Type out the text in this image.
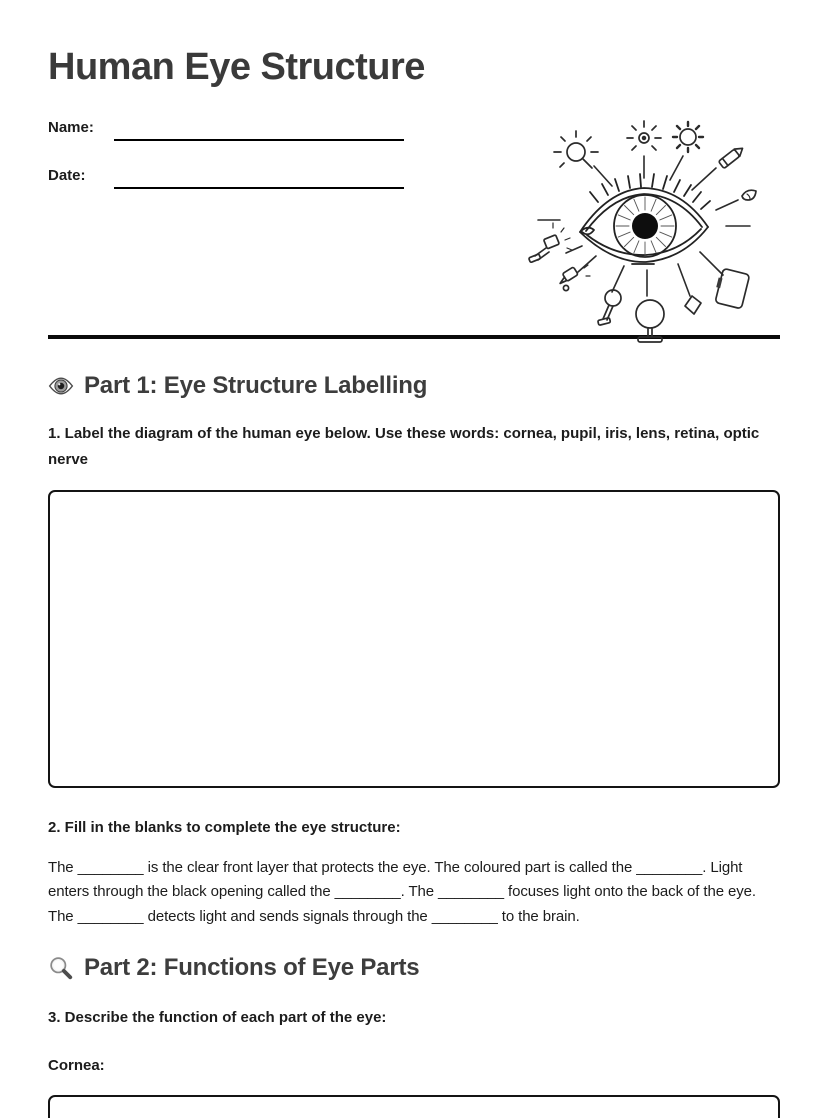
Human Eye Structure
Name:
Date:
Part 1: Eye Structure Labelling

1. Label the diagram of the human eye below. Use these words: cornea, pupil, iris, lens, retina, optic nerve

2. Fill in the blanks to complete the eye structure:

The ________ is the clear front layer that protects the eye. The coloured part is called the ________. Light enters through the black opening called the ________. The ________ focuses light onto the back of the eye. The ________ detects light and sends signals through the ________ to the brain.

Part 2: Functions of Eye Parts

3. Describe the function of each part of the eye:

Cornea:
